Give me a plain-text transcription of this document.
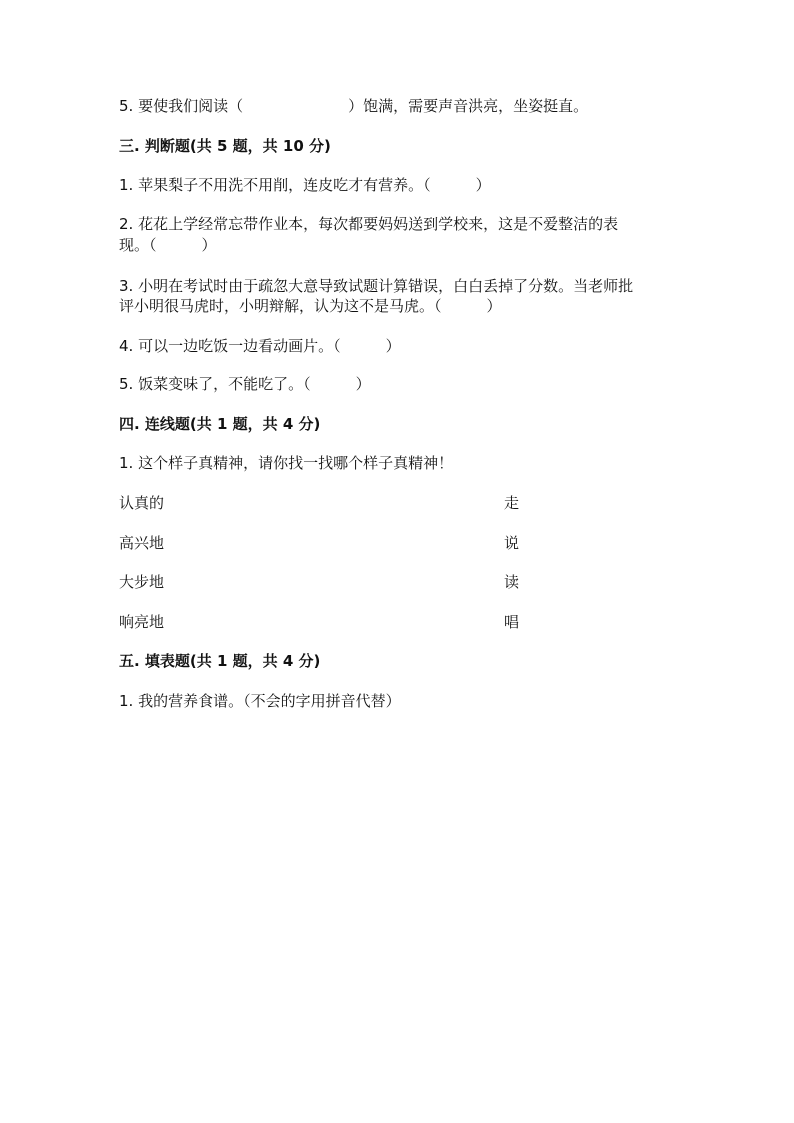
5. 要使我们阅读（　　　　　　　）饱满，需要声音洪亮，坐姿挺直。
三. 判断题(共 5 题，共 10 分)
1. 苹果梨子不用洗不用削，连皮吃才有营养。（　　　）
2. 花花上学经常忘带作业本，每次都要妈妈送到学校来，这是不爱整洁的表
现。（　　　）
3. 小明在考试时由于疏忽大意导致试题计算错误，白白丢掉了分数。当老师批
评小明很马虎时，小明辩解，认为这不是马虎。（　　　）
4. 可以一边吃饭一边看动画片。（　　　）
5. 饭菜变味了，不能吃了。（　　　）
四. 连线题(共 1 题，共 4 分)
1. 这个样子真精神，请你找一找哪个样子真精神！
认真的	走
高兴地	说
大步地	读
响亮地	唱
五. 填表题(共 1 题，共 4 分)
1. 我的营养食谱。（不会的字用拼音代替）
